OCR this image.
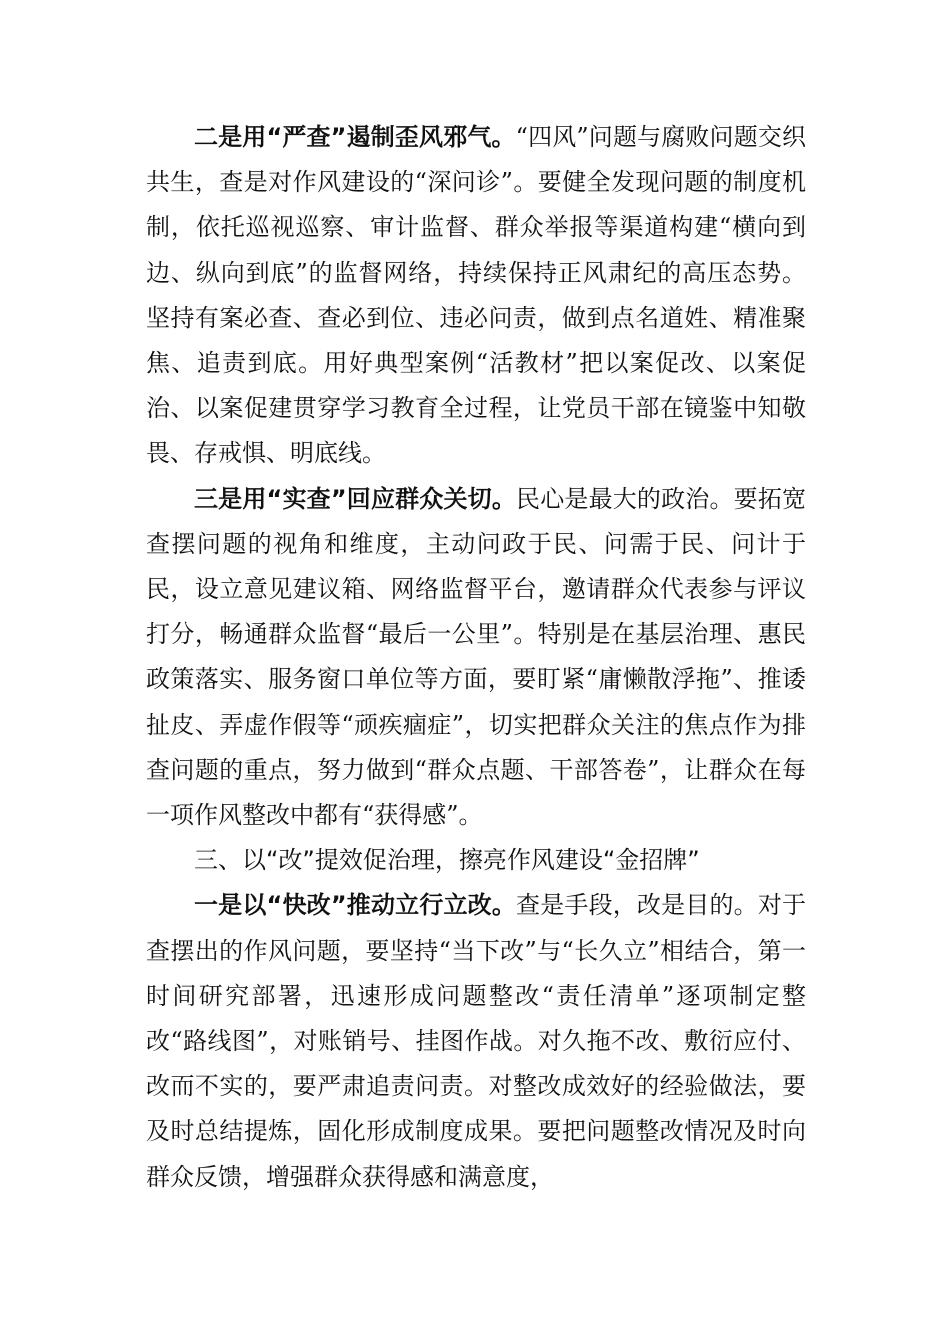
二是用“严查”遏制歪风邪气。“四风”问题与腐败问题交织共生，查是对作风建设的“深问诊”。要健全发现问题的制度机制，依托巡视巡察、审计监督、群众举报等渠道构建“横向到边、纵向到底”的监督网络，持续保持正风肃纪的高压态势。坚持有案必查、查必到位、违必问责，做到点名道姓、精准聚焦、追责到底。用好典型案例“活教材”把以案促改、以案促治、以案促建贯穿学习教育全过程，让党员干部在镜鉴中知敬畏、存戒惧、明底线。

三是用“实查”回应群众关切。民心是最大的政治。要拓宽查摆问题的视角和维度，主动问政于民、问需于民、问计于民，设立意见建议箱、网络监督平台，邀请群众代表参与评议打分，畅通群众监督“最后一公里”。特别是在基层治理、惠民政策落实、服务窗口单位等方面，要盯紧“庸懒散浮拖”、推诿扯皮、弄虚作假等“顽疾痼症”，切实把群众关注的焦点作为排查问题的重点，努力做到“群众点题、干部答卷”，让群众在每一项作风整改中都有“获得感”。

三、以“改”提效促治理，擦亮作风建设“金招牌”

一是以“快改”推动立行立改。查是手段，改是目的。对于查摆出的作风问题，要坚持“当下改”与“长久立”相结合，第一时间研究部署，迅速形成问题整改“责任清单”逐项制定整改“路线图”，对账销号、挂图作战。对久拖不改、敷衍应付、改而不实的，要严肃追责问责。对整改成效好的经验做法，要及时总结提炼，固化形成制度成果。要把问题整改情况及时向群众反馈，增强群众获得感和满意度，
